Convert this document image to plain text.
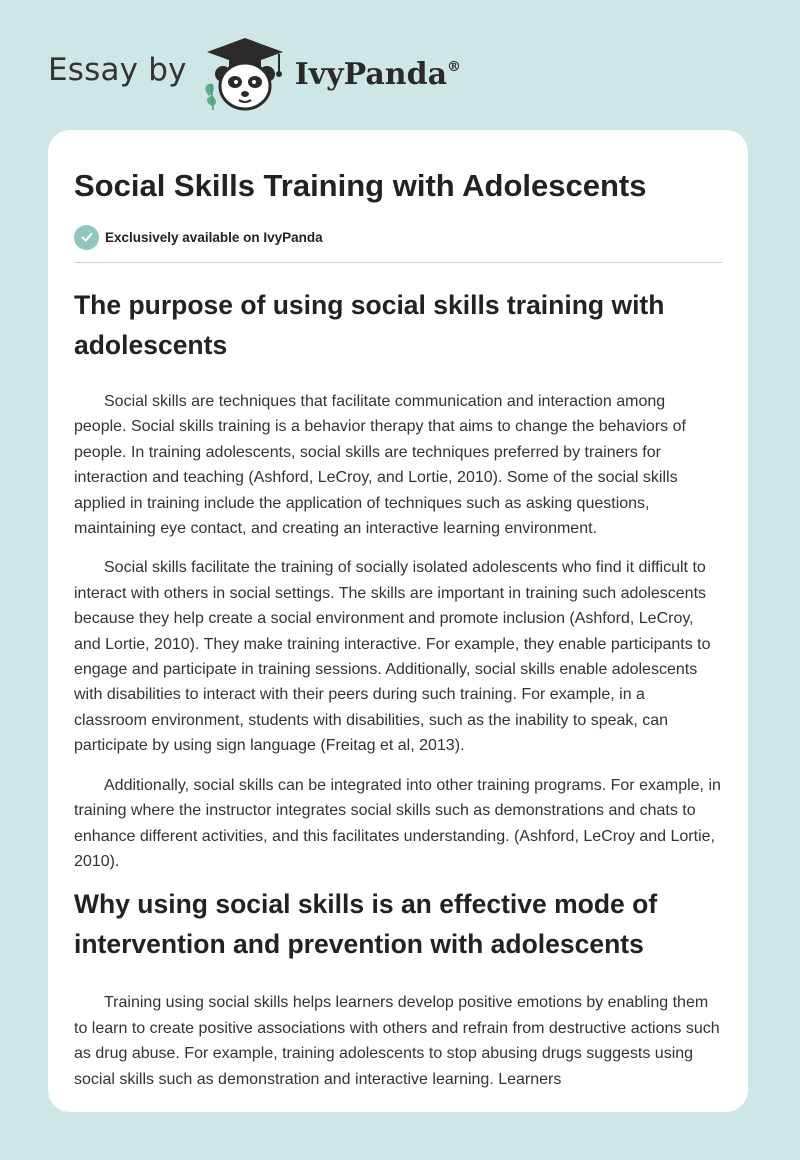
Essay by	IvyPanda®
Social Skills Training with Adolescents
Exclusively available on IvyPanda
The purpose of using social skills training with adolescents

Social skills are techniques that facilitate communication and interaction among people. Social skills training is a behavior therapy that aims to change the behaviors of people. In training adolescents, social skills are techniques preferred by trainers for interaction and teaching (Ashford, LeCroy, and Lortie, 2010). Some of the social skills applied in training include the application of techniques such as asking questions, maintaining eye contact, and creating an interactive learning environment.

Social skills facilitate the training of socially isolated adolescents who find it difficult to interact with others in social settings. The skills are important in training such adolescents because they help create a social environment and promote inclusion (Ashford, LeCroy, and Lortie, 2010). They make training interactive. For example, they enable participants to engage and participate in training sessions. Additionally, social skills enable adolescents with disabilities to interact with their peers during such training. For example, in a classroom environment, students with disabilities, such as the inability to speak, can participate by using sign language (Freitag et al, 2013).

Additionally, social skills can be integrated into other training programs. For example, in training where the instructor integrates social skills such as demonstrations and chats to enhance different activities, and this facilitates understanding. (Ashford, LeCroy and Lortie, 2010).

Why using social skills is an effective mode of intervention and prevention with adolescents

Training using social skills helps learners develop positive emotions by enabling them to learn to create positive associations with others and refrain from destructive actions such as drug abuse. For example, training adolescents to stop abusing drugs suggests using social skills such as demonstration and interactive learning. Learners
